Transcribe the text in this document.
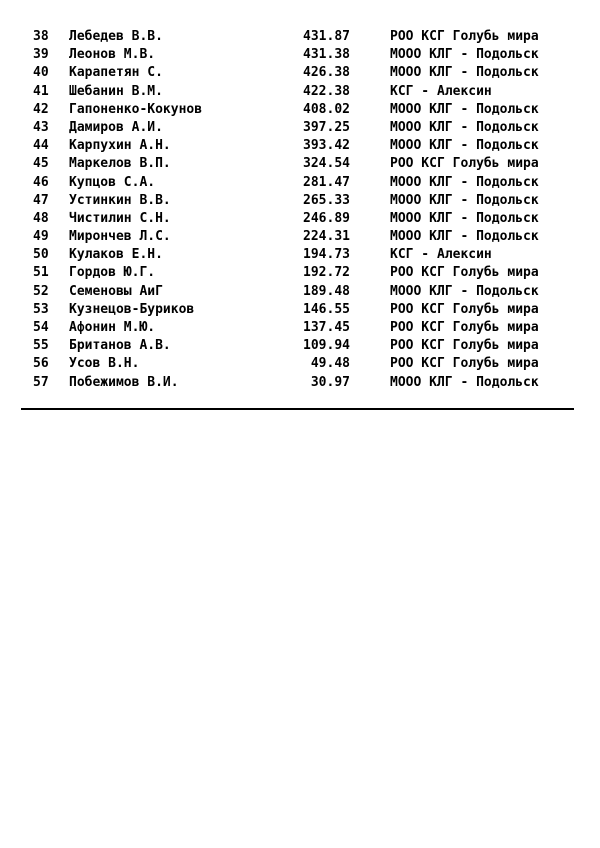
38 Лебедев В.В.	431.87	РОО КСГ Голубь мира
39 Леонов М.В.	431.38	МООО КЛГ - Подольск
40 Карапетян С.	426.38	МООО КЛГ - Подольск
41 Шебанин В.М.	422.38	КСГ - Алексин
42 Гапоненко-Кокунов	408.02	МООО КЛГ - Подольск
43 Дамиров А.И.	397.25	МООО КЛГ - Подольск
44 Карпухин А.Н.	393.42	МООО КЛГ - Подольск
45 Маркелов В.П.	324.54	РОО КСГ Голубь мира
46 Купцов С.А.	281.47	МООО КЛГ - Подольск
47 Устинкин В.В.	265.33	МООО КЛГ - Подольск
48 Чистилин С.Н.	246.89	МООО КЛГ - Подольск
49 Мирончев Л.С.	224.31	МООО КЛГ - Подольск
50 Кулаков Е.Н.	194.73	КСГ - Алексин
51 Гордов Ю.Г.	192.72	РОО КСГ Голубь мира
52 Семеновы АиГ	189.48	МООО КЛГ - Подольск
53 Кузнецов-Буриков	146.55	РОО КСГ Голубь мира
54 Афонин М.Ю.	137.45	РОО КСГ Голубь мира
55 Британов А.В.	109.94	РОО КСГ Голубь мира
56 Усов В.Н.	49.48	РОО КСГ Голубь мира
57 Побежимов В.И.	30.97	МООО КЛГ - Подольск
